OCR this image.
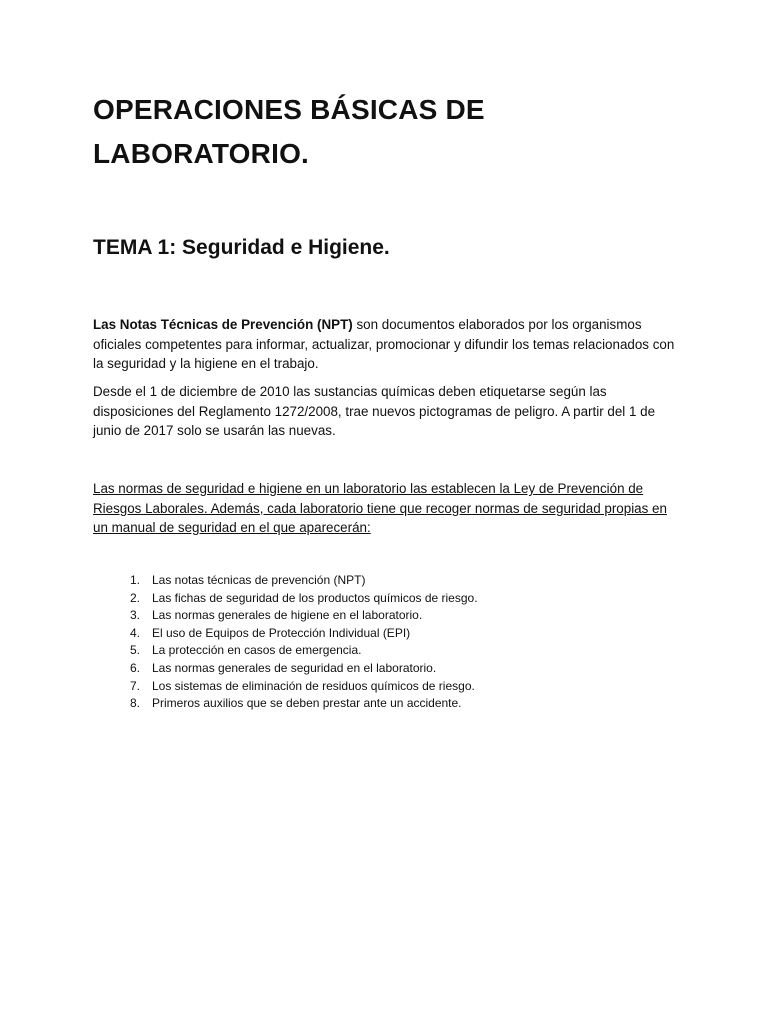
OPERACIONES BÁSICAS DE LABORATORIO.
TEMA 1: Seguridad e Higiene.

Las Notas Técnicas de Prevención (NPT) son documentos elaborados por los organismos oficiales competentes para informar, actualizar, promocionar y difundir los temas relacionados con la seguridad y la higiene en el trabajo.

Desde el 1 de diciembre de 2010 las sustancias químicas deben etiquetarse según las disposiciones del Reglamento 1272/2008, trae nuevos pictogramas de peligro. A partir del 1 de junio de 2017 solo se usarán las nuevas.

Las normas de seguridad e higiene en un laboratorio las establecen la Ley de Prevención de Riesgos Laborales. Además, cada laboratorio tiene que recoger normas de seguridad propias en un manual de seguridad en el que aparecerán:

1.	Las notas técnicas de prevención (NPT)
2.	Las fichas de seguridad de los productos químicos de riesgo.
3.	Las normas generales de higiene en el laboratorio.
4.	El uso de Equipos de Protección Individual (EPI)
5.	La protección en casos de emergencia.
6.	Las normas generales de seguridad en el laboratorio.
7.	Los sistemas de eliminación de residuos químicos de riesgo.
8.	Primeros auxilios que se deben prestar ante un accidente.
